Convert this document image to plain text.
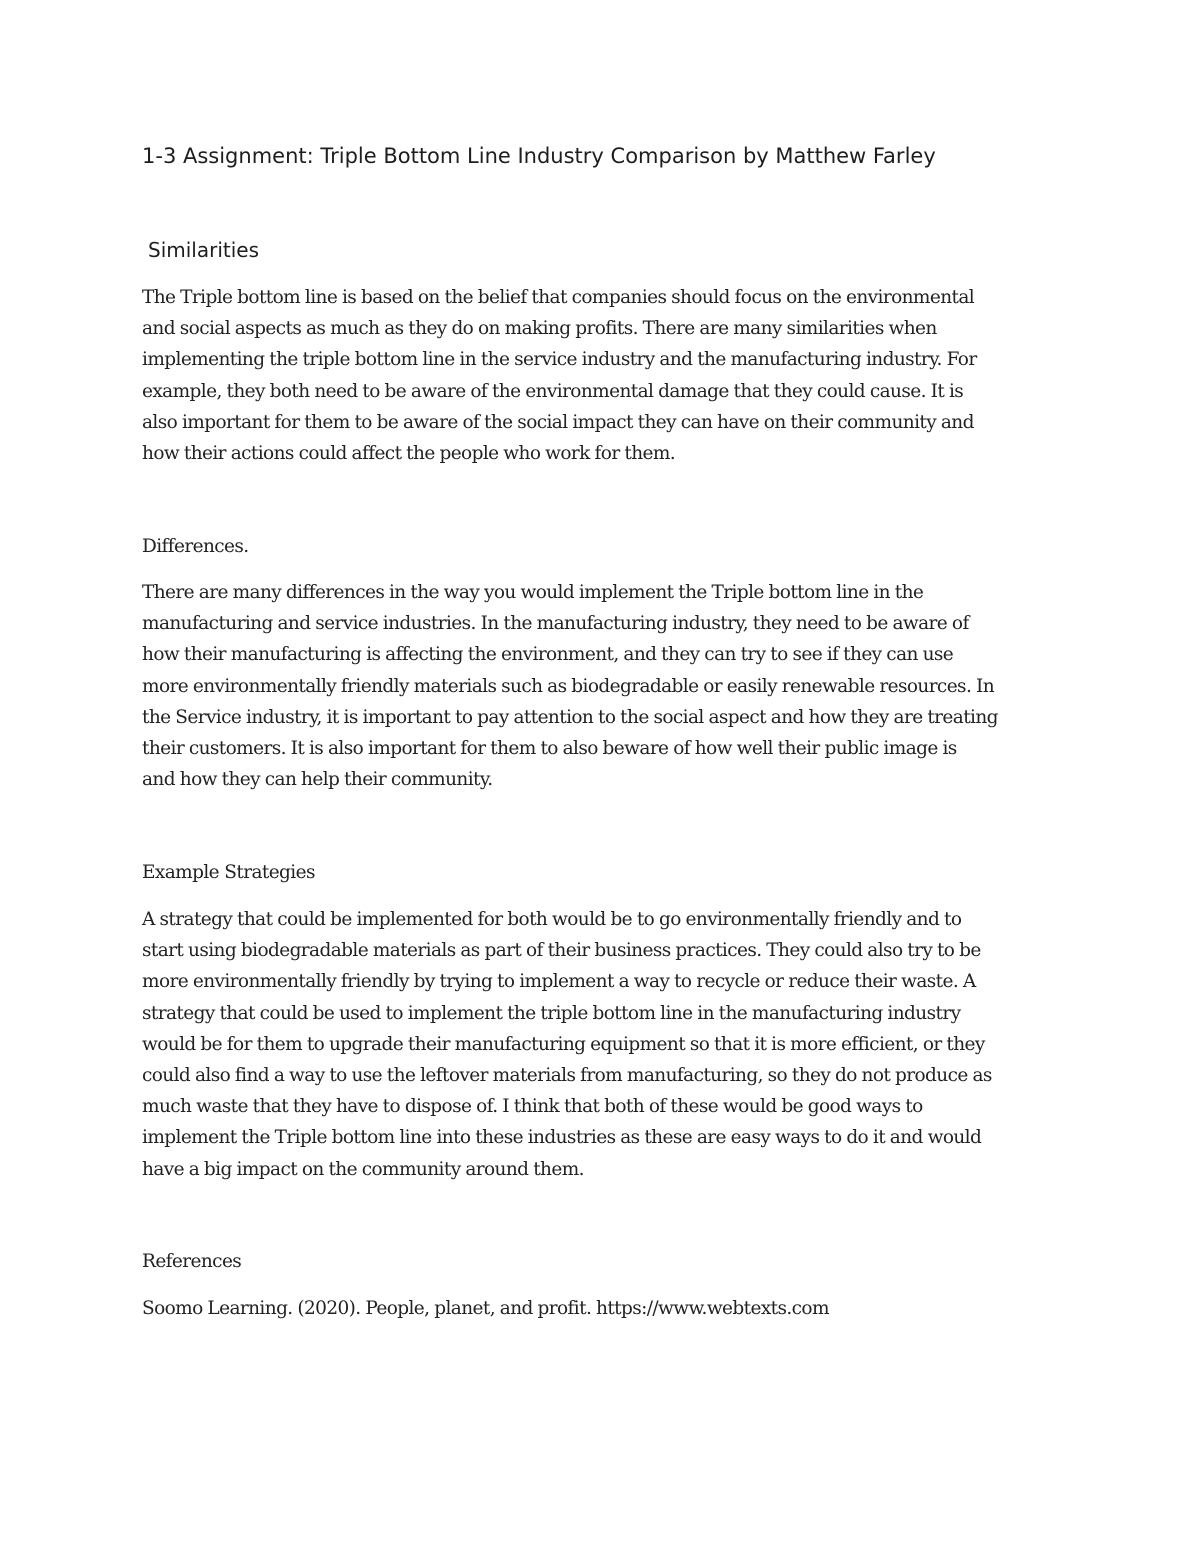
1-3 Assignment: Triple Bottom Line Industry Comparison by Matthew Farley
Similarities

The Triple bottom line is based on the belief that companies should focus on the environmental
and social aspects as much as they do on making profits. There are many similarities when
implementing the triple bottom line in the service industry and the manufacturing industry. For
example, they both need to be aware of the environmental damage that they could cause. It is
also important for them to be aware of the social impact they can have on their community and
how their actions could affect the people who work for them.

Differences.

There are many differences in the way you would implement the Triple bottom line in the
manufacturing and service industries. In the manufacturing industry, they need to be aware of
how their manufacturing is affecting the environment, and they can try to see if they can use
more environmentally friendly materials such as biodegradable or easily renewable resources. In
the Service industry, it is important to pay attention to the social aspect and how they are treating
their customers. It is also important for them to also beware of how well their public image is
and how they can help their community.

Example Strategies

A strategy that could be implemented for both would be to go environmentally friendly and to
start using biodegradable materials as part of their business practices. They could also try to be
more environmentally friendly by trying to implement a way to recycle or reduce their waste. A
strategy that could be used to implement the triple bottom line in the manufacturing industry
would be for them to upgrade their manufacturing equipment so that it is more efficient, or they
could also find a way to use the leftover materials from manufacturing, so they do not produce as
much waste that they have to dispose of. I think that both of these would be good ways to
implement the Triple bottom line into these industries as these are easy ways to do it and would
have a big impact on the community around them.

References

Soomo Learning. (2020). People, planet, and profit. https://www.webtexts.com
